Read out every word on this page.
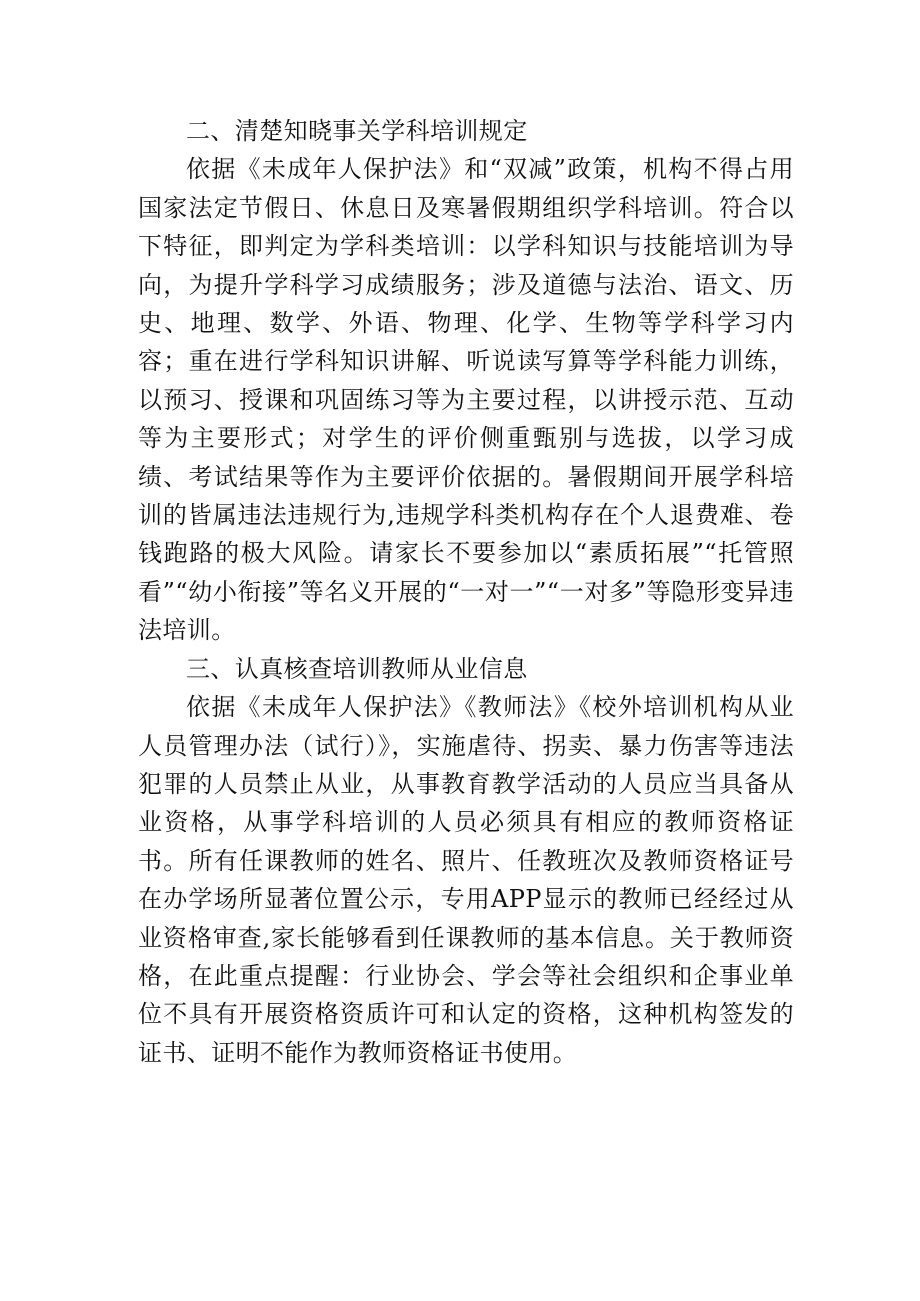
二、清楚知晓事关学科培训规定

依据《未成年人保护法》和“双减”政策，机构不得占用国家法定节假日、休息日及寒暑假期组织学科培训。符合以下特征，即判定为学科类培训：以学科知识与技能培训为导向，为提升学科学习成绩服务；涉及道德与法治、语文、历史、地理、数学、外语、物理、化学、生物等学科学习内容；重在进行学科知识讲解、听说读写算等学科能力训练，以预习、授课和巩固练习等为主要过程，以讲授示范、互动等为主要形式；对学生的评价侧重甄别与选拔，以学习成绩、考试结果等作为主要评价依据的。暑假期间开展学科培训的皆属违法违规行为,违规学科类机构存在个人退费难、卷钱跑路的极大风险。请家长不要参加以“素质拓展”“托管照看”“幼小衔接”等名义开展的“一对一”“一对多”等隐形变异违法培训。

三、认真核查培训教师从业信息

依据《未成年人保护法》《教师法》《校外培训机构从业人员管理办法（试行）》，实施虐待、拐卖、暴力伤害等违法犯罪的人员禁止从业，从事教育教学活动的人员应当具备从业资格，从事学科培训的人员必须具有相应的教师资格证书。所有任课教师的姓名、照片、任教班次及教师资格证号在办学场所显著位置公示，专用APP显示的教师已经经过从业资格审查,家长能够看到任课教师的基本信息。关于教师资格，在此重点提醒：行业协会、学会等社会组织和企事业单位不具有开展资格资质许可和认定的资格，这种机构签发的证书、证明不能作为教师资格证书使用。
